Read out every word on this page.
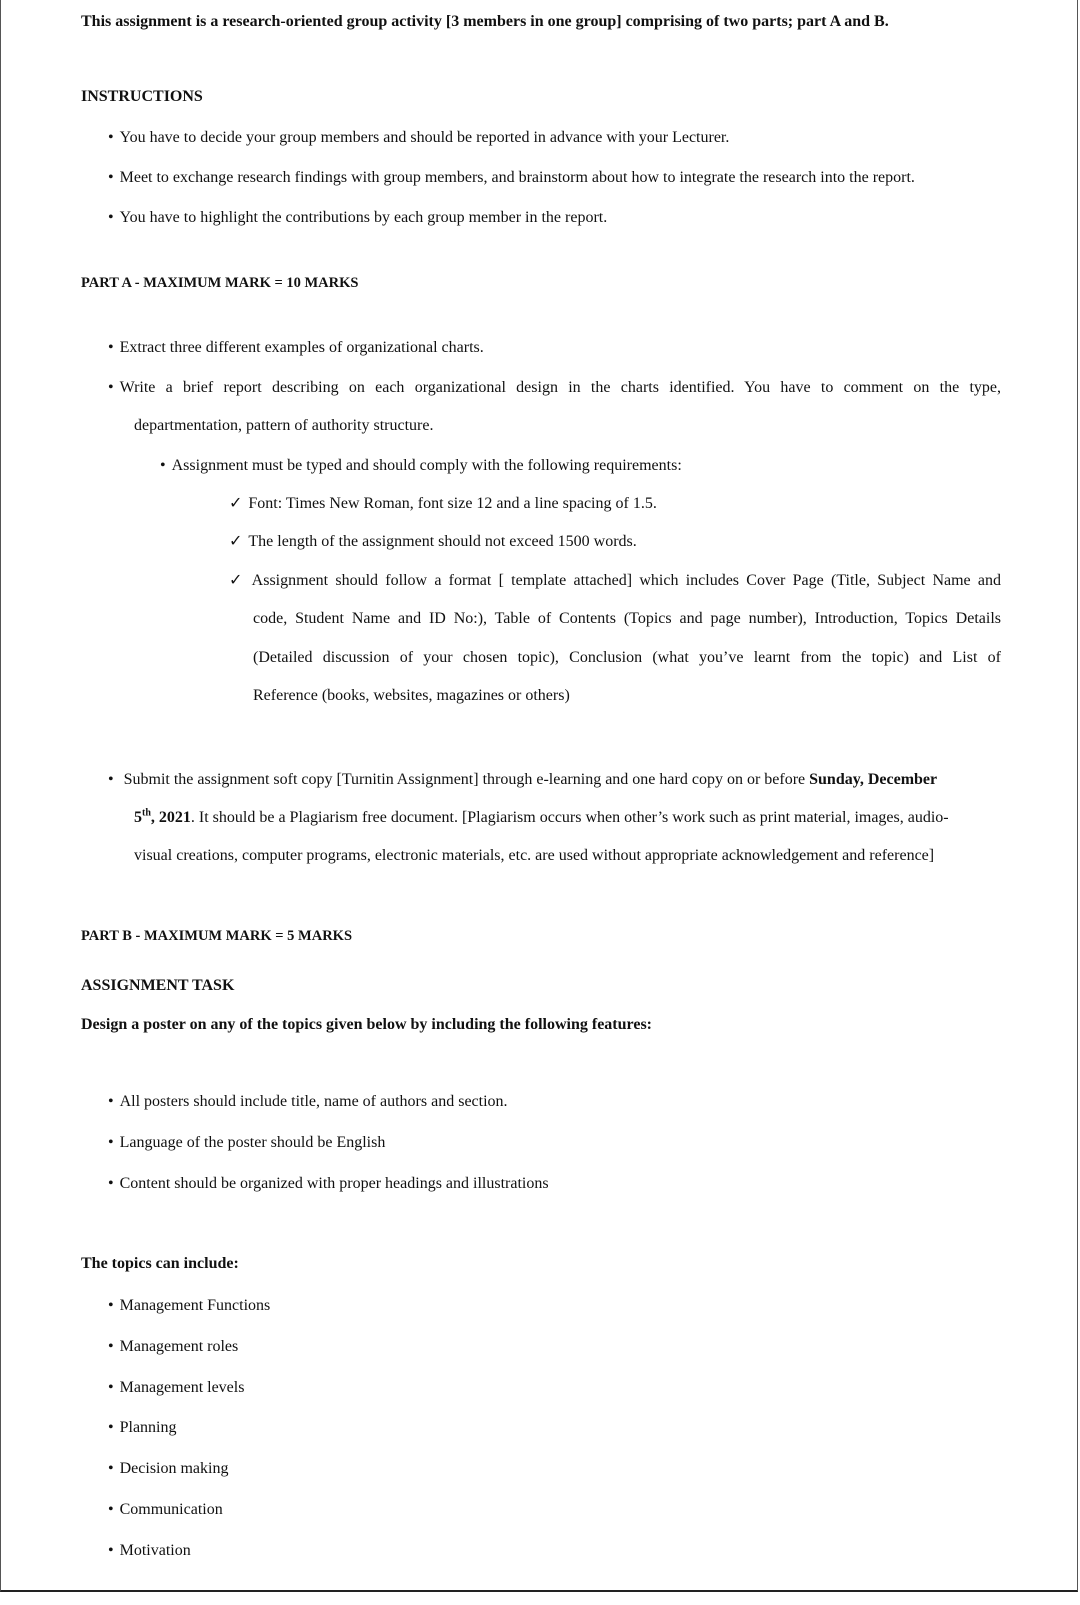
This assignment is a research-oriented group activity [3 members in one group] comprising of two parts; part A and B.
INSTRUCTIONS
• You have to decide your group members and should be reported in advance with your Lecturer.
• Meet to exchange research findings with group members, and brainstorm about how to integrate the research into the report.
• You have to highlight the contributions by each group member in the report.
PART A - MAXIMUM MARK = 10 MARKS
• Extract three different examples of organizational charts.
• Write a brief report describing on each organizational design in the charts identified. You have to comment on the type,
departmentation, pattern of authority structure.
• Assignment must be typed and should comply with the following requirements:
✓ Font: Times New Roman, font size 12 and a line spacing of 1.5.
✓ The length of the assignment should not exceed 1500 words.
✓ Assignment should follow a format [ template attached] which includes Cover Page (Title, Subject Name and
code, Student Name and ID No:), Table of Contents (Topics and page number), Introduction, Topics Details
(Detailed discussion of your chosen topic), Conclusion (what you’ve learnt from the topic) and List of
Reference (books, websites, magazines or others)
• Submit the assignment soft copy [Turnitin Assignment] through e-learning and one hard copy on or before Sunday, December
5th, 2021. It should be a Plagiarism free document. [Plagiarism occurs when other’s work such as print material, images, audio-
visual creations, computer programs, electronic materials, etc. are used without appropriate acknowledgement and reference]
PART B - MAXIMUM MARK = 5 MARKS
ASSIGNMENT TASK
Design a poster on any of the topics given below by including the following features:
• All posters should include title, name of authors and section.
• Language of the poster should be English
• Content should be organized with proper headings and illustrations
The topics can include:
• Management Functions
• Management roles
• Management levels
• Planning
• Decision making
• Communication
• Motivation
